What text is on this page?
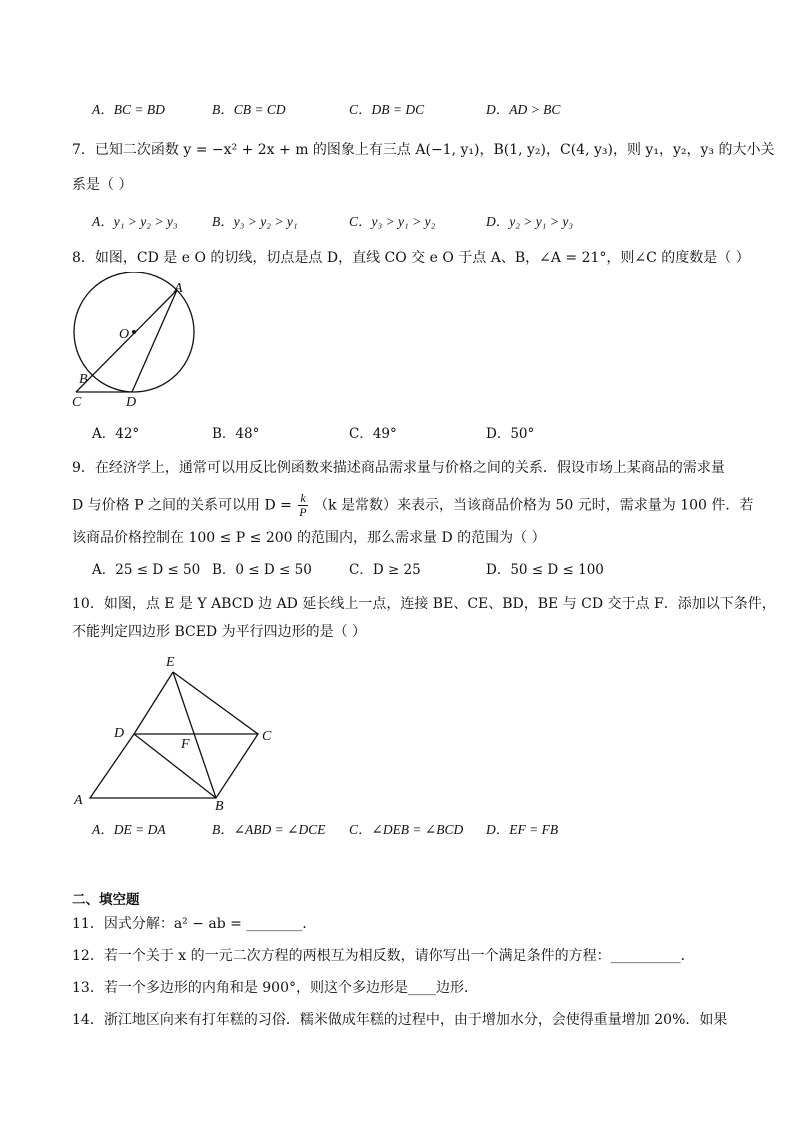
A．BC = BD	B．CB = CD	C．DB = DC	D．AD > BC
7．已知二次函数 y = −x² + 2x + m 的图象上有三点 A(−1, y₁)，B(1, y₂)，C(4, y₃)，则 y₁，y₂，y₃ 的大小关
系是（ ）
A．y₁ > y₂ > y₃	B．y₃ > y₂ > y₁	C．y₃ > y₁ > y₂	D．y₂ > y₁ > y₃
8．如图，CD 是 e O 的切线，切点是点 D，直线 CO 交 e O 于点 A、B，∠A = 21°，则∠C 的度数是（ ）
A
O
B
C	D
A．42°	B．48°	C．49°	D．50°
9．在经济学上，通常可以用反比例函数来描述商品需求量与价格之间的关系．假设市场上某商品的需求量
D 与价格 P 之间的关系可以用 $D = \frac{k}{P} (k$ 是常数）来表示，当该商品价格为 50 元时，需求量为 100 件．若
该商品价格控制在 100 ≤ P ≤ 200 的范围内，那么需求量 D 的范围为（ ）
A．25 ≤ D ≤ 50 B．0 ≤ D ≤ 50	C．D ≥ 25	D．50 ≤ D ≤ 100
10．如图，点 E 是 Y ABCD 边 AD 延长线上一点，连接 BE、CE、BD，BE 与 CD 交于点 F．添加以下条件，
不能判定四边形 BCED 为平行四边形的是（ ）
E
D
F
C
A	B
A．DE = DA	B．∠ABD = ∠DCE C．∠DEB = ∠BCD D．EF = FB
二、填空题
11．因式分解：a² − ab = ________．
12．若一个关于 x 的一元二次方程的两根互为相反数，请你写出一个满足条件的方程：__________．
13．若一个多边形的内角和是 900°，则这个多边形是____边形．
14．浙江地区向来有打年糕的习俗．糯米做成年糕的过程中，由于增加水分，会使得重量增加 20%．如果
